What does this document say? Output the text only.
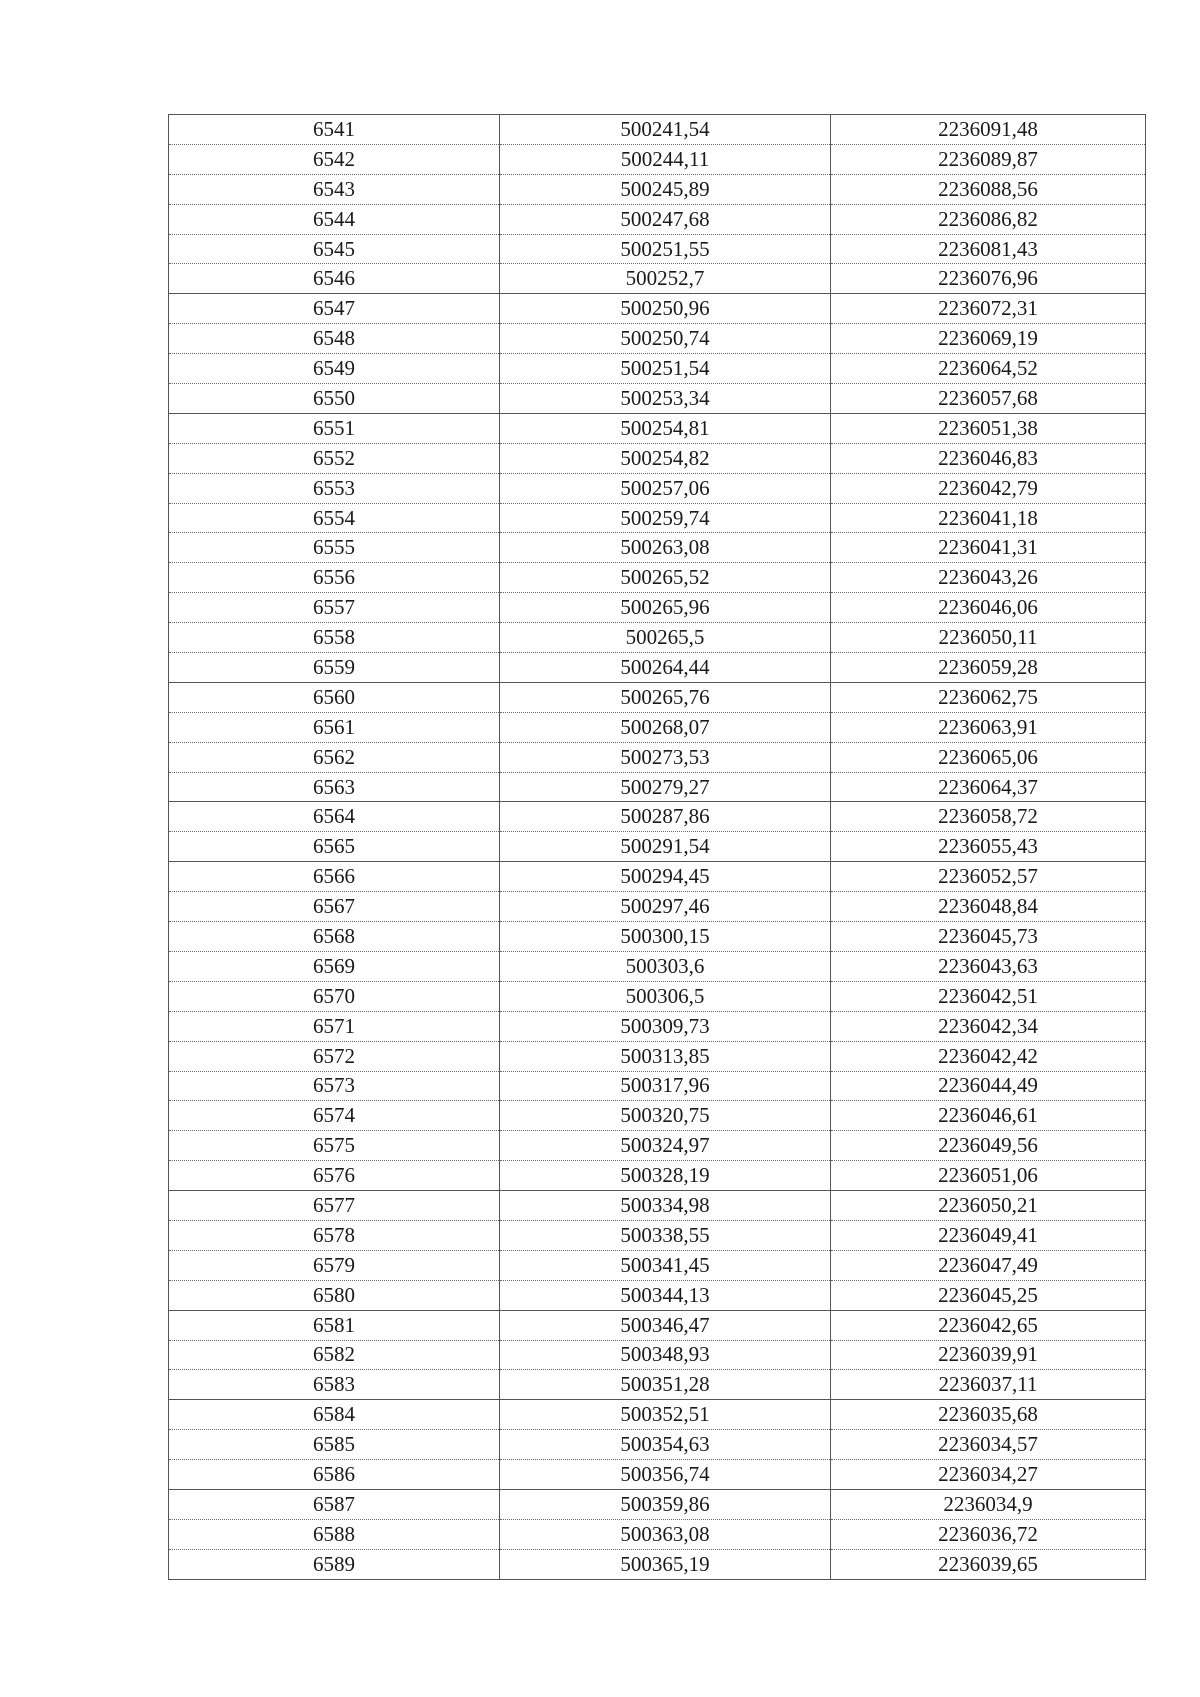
6541	500241,54	2236091,48
6542	500244,11	2236089,87
6543	500245,89	2236088,56
6544	500247,68	2236086,82
6545	500251,55	2236081,43
6546	500252,7	2236076,96
6547	500250,96	2236072,31
6548	500250,74	2236069,19
6549	500251,54	2236064,52
6550	500253,34	2236057,68
6551	500254,81	2236051,38
6552	500254,82	2236046,83
6553	500257,06	2236042,79
6554	500259,74	2236041,18
6555	500263,08	2236041,31
6556	500265,52	2236043,26
6557	500265,96	2236046,06
6558	500265,5	2236050,11
6559	500264,44	2236059,28
6560	500265,76	2236062,75
6561	500268,07	2236063,91
6562	500273,53	2236065,06
6563	500279,27	2236064,37
6564	500287,86	2236058,72
6565	500291,54	2236055,43
6566	500294,45	2236052,57
6567	500297,46	2236048,84
6568	500300,15	2236045,73
6569	500303,6	2236043,63
6570	500306,5	2236042,51
6571	500309,73	2236042,34
6572	500313,85	2236042,42
6573	500317,96	2236044,49
6574	500320,75	2236046,61
6575	500324,97	2236049,56
6576	500328,19	2236051,06
6577	500334,98	2236050,21
6578	500338,55	2236049,41
6579	500341,45	2236047,49
6580	500344,13	2236045,25
6581	500346,47	2236042,65
6582	500348,93	2236039,91
6583	500351,28	2236037,11
6584	500352,51	2236035,68
6585	500354,63	2236034,57
6586	500356,74	2236034,27
6587	500359,86	2236034,9
6588	500363,08	2236036,72
6589	500365,19	2236039,65
